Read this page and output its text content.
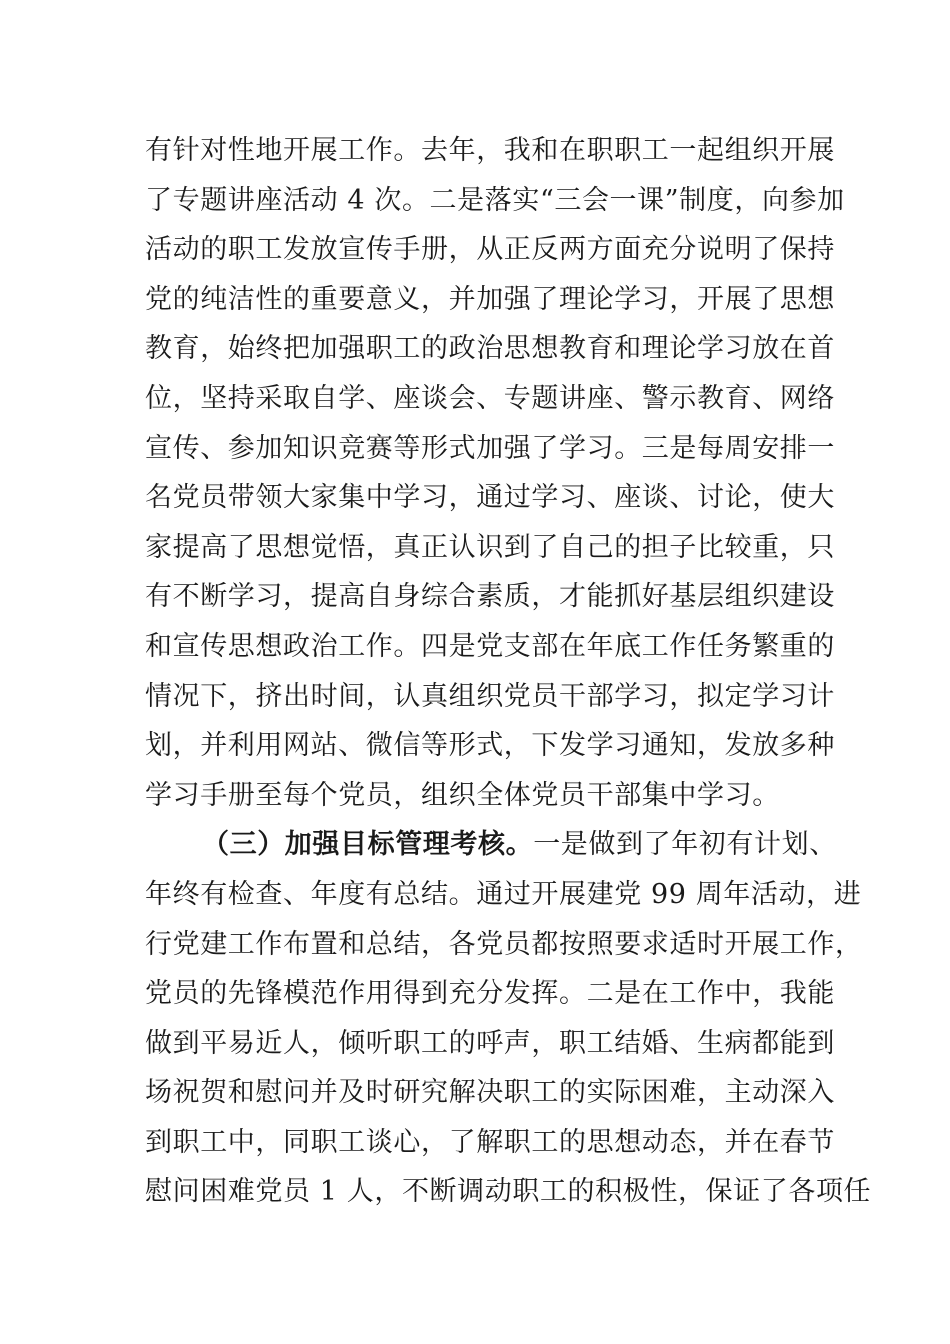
有针对性地开展工作。去年，我和在职职工一起组织开展
了专题讲座活动 4 次。二是落实“三会一课”制度，向参加
活动的职工发放宣传手册，从正反两方面充分说明了保持
党的纯洁性的重要意义，并加强了理论学习，开展了思想
教育，始终把加强职工的政治思想教育和理论学习放在首
位，坚持采取自学、座谈会、专题讲座、警示教育、网络
宣传、参加知识竞赛等形式加强了学习。三是每周安排一
名党员带领大家集中学习，通过学习、座谈、讨论，使大
家提高了思想觉悟，真正认识到了自己的担子比较重，只
有不断学习，提高自身综合素质，才能抓好基层组织建设
和宣传思想政治工作。四是党支部在年底工作任务繁重的
情况下，挤出时间，认真组织党员干部学习，拟定学习计
划，并利用网站、微信等形式，下发学习通知，发放多种
学习手册至每个党员，组织全体党员干部集中学习。
（三）加强目标管理考核。一是做到了年初有计划、
年终有检查、年度有总结。通过开展建党 99 周年活动，进
行党建工作布置和总结，各党员都按照要求适时开展工作，
党员的先锋模范作用得到充分发挥。二是在工作中，我能
做到平易近人，倾听职工的呼声，职工结婚、生病都能到
场祝贺和慰问并及时研究解决职工的实际困难，主动深入
到职工中，同职工谈心，了解职工的思想动态，并在春节
慰问困难党员 1 人，不断调动职工的积极性，保证了各项任
